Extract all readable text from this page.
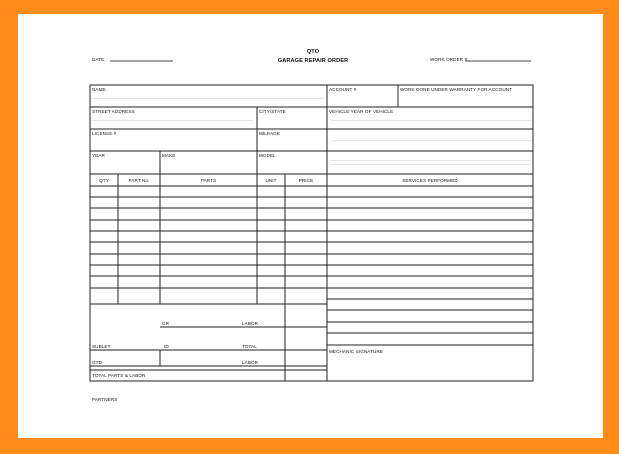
DATE:
QTO
GARAGE REPAIR ORDER	WORK ORDER #:
NAME	ACCOUNT #	WORK DONE UNDER WARRANTY FOR ACCOUNT
STREET ADDRESS	CITY/STATE	VEHICLE YEAR OF VEHICLE
LICENSE #	MILEAGE
YEAR	MAKE	MODEL
QTY	PART No.	PARTS	UNIT	PRICE	SERVICES PERFORMED
GR	LABOR
SUBLET	ID	TOTAL
GTD	LABOR
TOTAL PARTS & LABOR
MECHANIC SIGNATURE
PARTNERS
